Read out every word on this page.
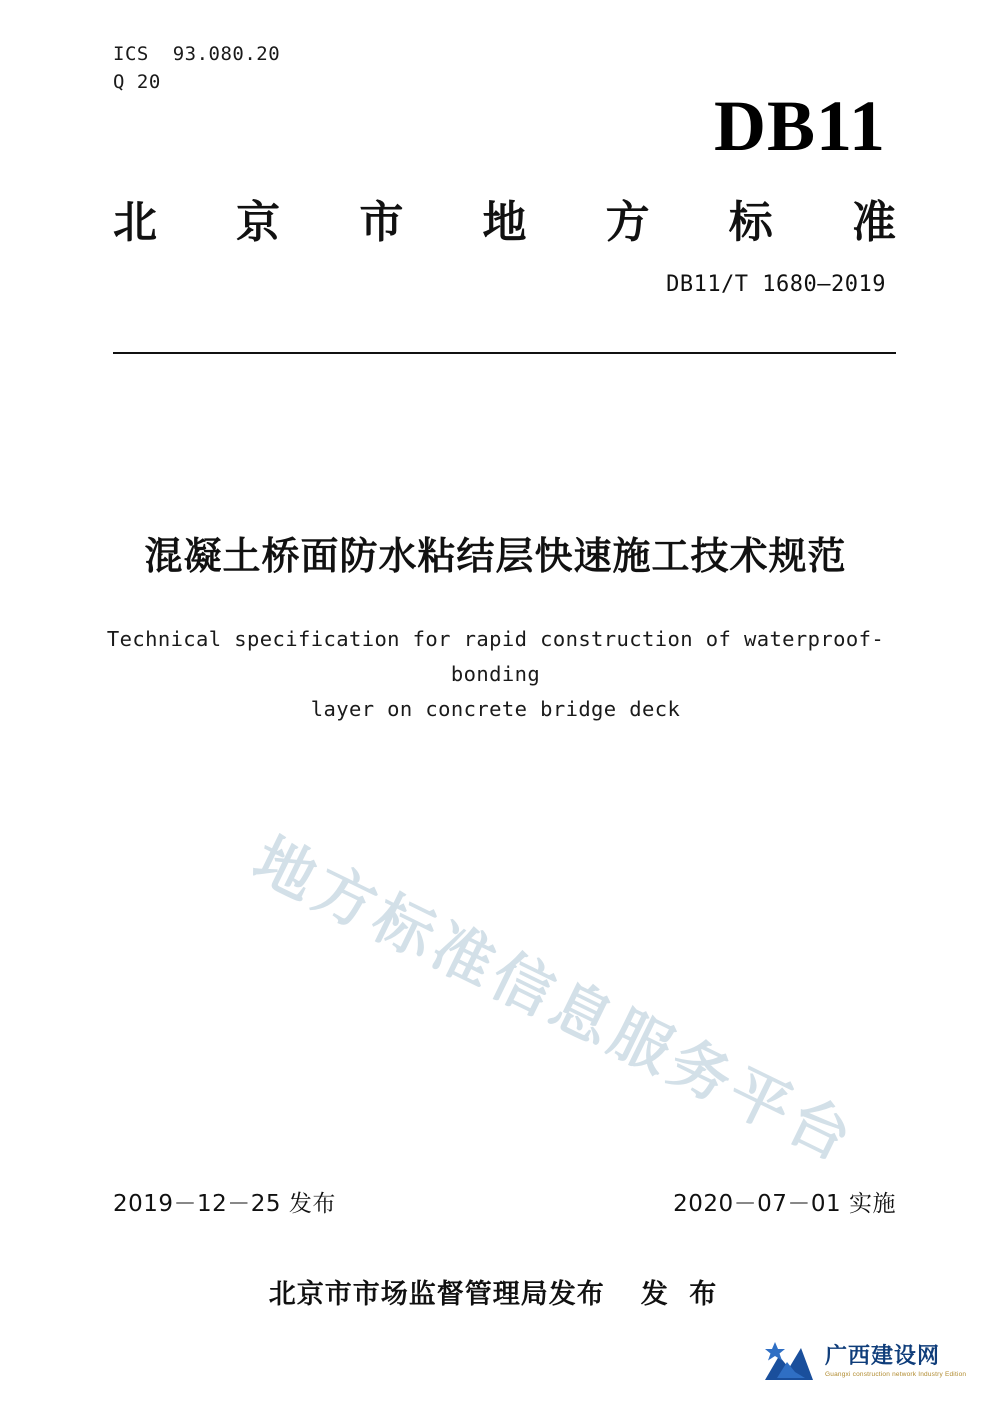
ICS  93.080.20
Q 20
DB11
北 京 市 地 方 标 准
DB11/T 1680—2019
混凝土桥面防水粘结层快速施工技术规范
Technical specification for rapid construction of waterproof-bonding
layer on concrete bridge deck
地方标准信息服务平台
2019－12－25 发布	2020－07－01 实施
北京市市场监督管理局发布 发 布
广西建设网
Guangxi construction network Industry Edition
